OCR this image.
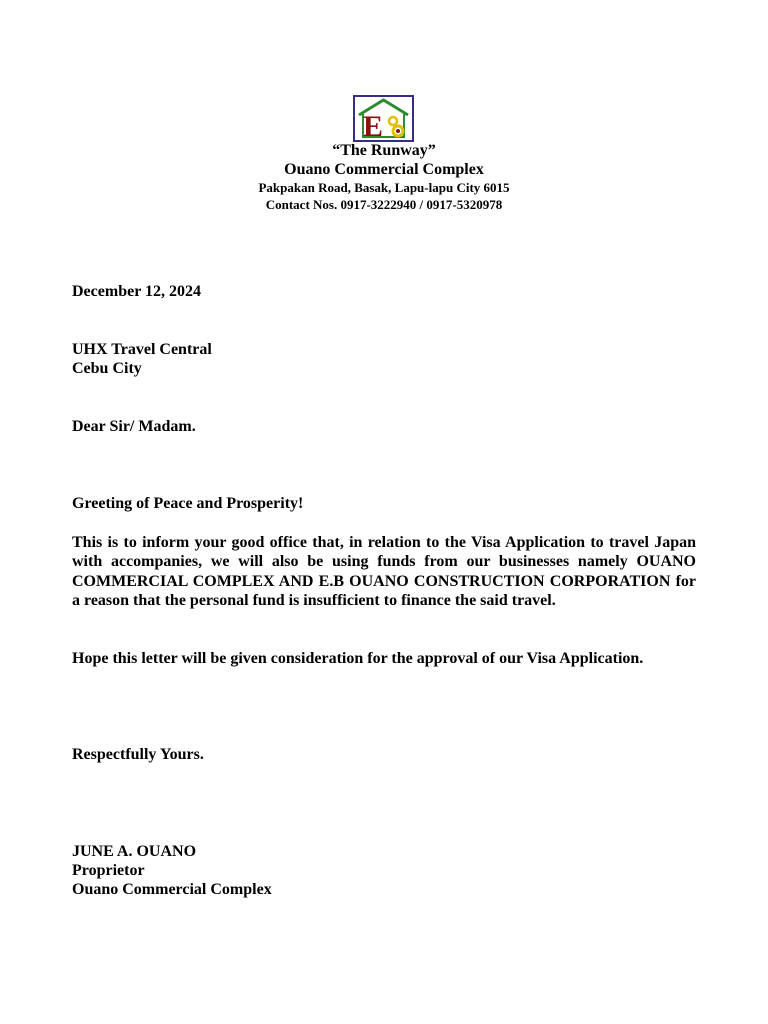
E
“The Runway”
Ouano Commercial Complex
Pakpakan Road, Basak, Lapu-lapu City 6015
Contact Nos. 0917-3222940 / 0917-5320978
December 12, 2024
UHX Travel Central
Cebu City
Dear Sir/ Madam.
Greeting of Peace and Prosperity!
This is to inform your good office that, in relation to the Visa Application to travel Japan with accompanies, we will also be using funds from our businesses namely OUANO COMMERCIAL COMPLEX AND E.B OUANO CONSTRUCTION CORPORATION for a reason that the personal fund is insufficient to finance the said travel.
Hope this letter will be given consideration for the approval of our Visa Application.
Respectfully Yours.
JUNE A. OUANO
Proprietor
Ouano Commercial Complex
